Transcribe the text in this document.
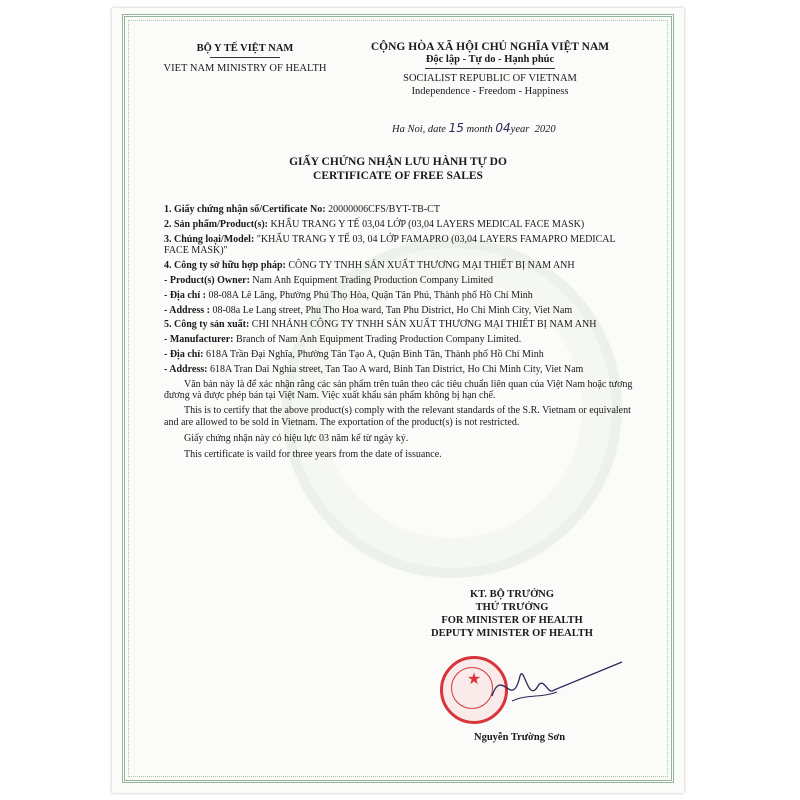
BỘ Y TẾ VIỆT NAM
VIET NAM MINISTRY OF HEALTH
CỘNG HÒA XÃ HỘI CHỦ NGHĨA VIỆT NAM
Độc lập - Tự do - Hạnh phúc
SOCIALIST REPUBLIC OF VIETNAM
Independence - Freedom - Happiness
Ha Noi, date 15 month 04year 2020
GIẤY CHỨNG NHẬN LƯU HÀNH TỰ DO
CERTIFICATE OF FREE SALES
1. Giấy chứng nhận số/Certificate No: 20000006CFS/BYT-TB-CT
2. Sản phẩm/Product(s): KHẨU TRANG Y TẾ 03,04 LỚP (03,04 LAYERS MEDICAL FACE MASK)
3. Chủng loại/Model: "KHẨU TRANG Y TẾ 03, 04 LỚP FAMAPRO (03,04 LAYERS FAMAPRO MEDICAL FACE MASK)"
4. Công ty sở hữu hợp pháp: CÔNG TY TNHH SẢN XUẤT THƯƠNG MẠI THIẾT BỊ NAM ANH
- Product(s) Owner: Nam Anh Equipment Trading Production Company Limited
- Địa chỉ : 08-08A Lê Lăng, Phường Phú Thọ Hòa, Quận Tân Phú, Thành phố Hồ Chí Minh
- Address : 08-08a Le Lang street, Phu Tho Hoa ward, Tan Phu District, Ho Chi Minh City, Viet Nam
5. Công ty sản xuất: CHI NHÁNH CÔNG TY TNHH SẢN XUẤT THƯƠNG MẠI THIẾT BỊ NAM ANH
- Manufacturer: Branch of Nam Anh Equipment Trading Production Company Limited.
- Địa chỉ: 618A Trần Đại Nghĩa, Phường Tân Tạo A, Quận Bình Tân, Thành phố Hồ Chí Minh
- Address: 618A Tran Dai Nghia street, Tan Tao A ward, Binh Tan District, Ho Chi Minh City, Viet Nam
Văn bản này là để xác nhận rằng các sản phẩm trên tuân theo các tiêu chuẩn liên quan của Việt Nam hoặc tương đương và được phép bán tại Việt Nam. Việc xuất khẩu sản phẩm không bị hạn chế.
This is to certify that the above product(s) comply with the relevant standards of the S.R. Vietnam or equivalent and are allowed to be sold in Vietnam. The exportation of the product(s) is not restricted.
Giấy chứng nhận này có hiệu lực 03 năm kể từ ngày ký.
This certificate is vaild for three years from the date of issuance.
KT. BỘ TRƯỞNG
THỨ TRƯỞNG
FOR MINISTER OF HEALTH
DEPUTY MINISTER OF HEALTH
★
Nguyễn Trường Sơn
